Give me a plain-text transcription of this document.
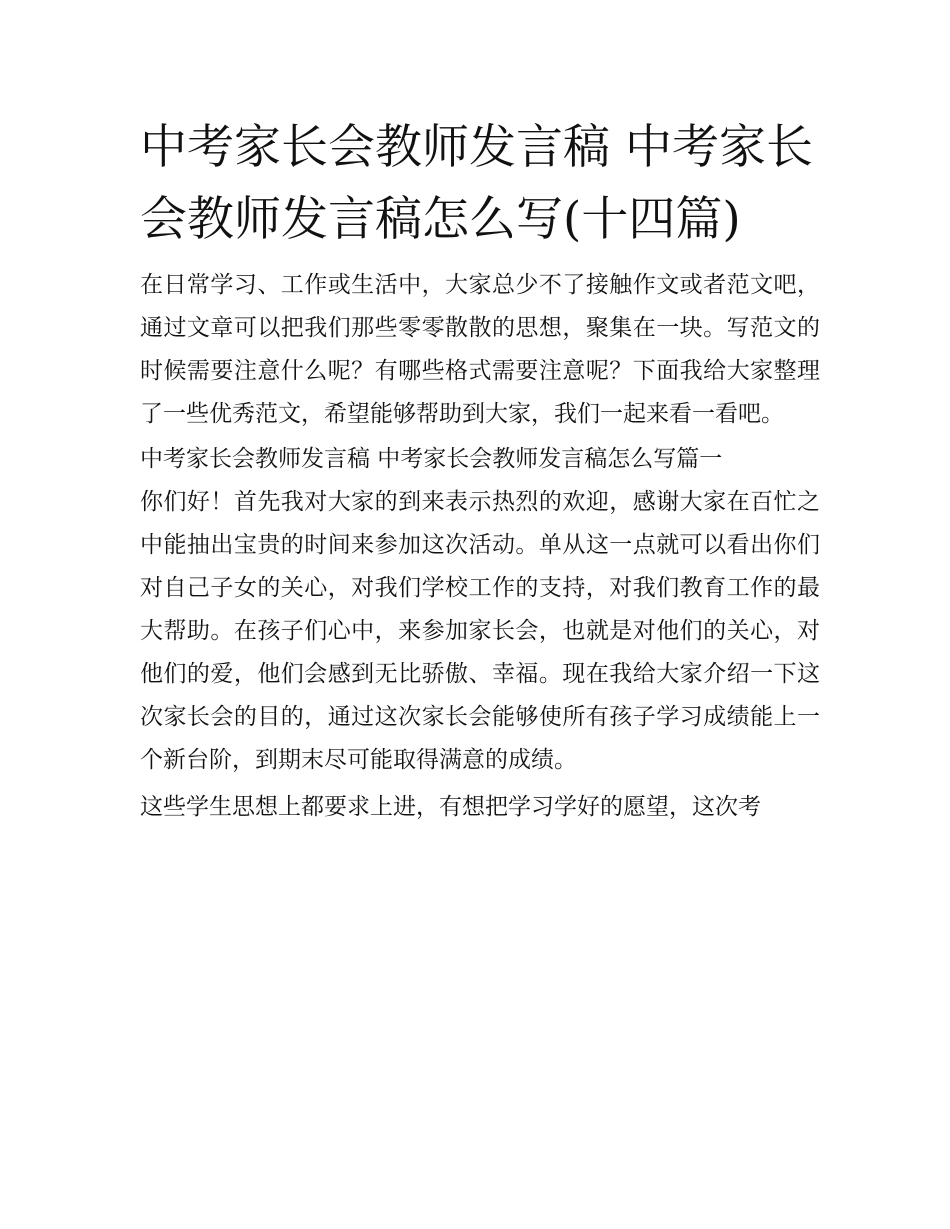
中考家长会教师发言稿 中考家长会教师发言稿怎么写(十四篇)

在日常学习、工作或生活中，大家总少不了接触作文或者范文吧，通过文章可以把我们那些零零散散的思想，聚集在一块。写范文的时候需要注意什么呢？有哪些格式需要注意呢？下面我给大家整理了一些优秀范文，希望能够帮助到大家，我们一起来看一看吧。

中考家长会教师发言稿 中考家长会教师发言稿怎么写篇一

你们好！首先我对大家的到来表示热烈的欢迎，感谢大家在百忙之中能抽出宝贵的时间来参加这次活动。单从这一点就可以看出你们对自己子女的关心，对我们学校工作的支持，对我们教育工作的最大帮助。在孩子们心中，来参加家长会，也就是对他们的关心，对他们的爱，他们会感到无比骄傲、幸福。现在我给大家介绍一下这次家长会的目的，通过这次家长会能够使所有孩子学习成绩能上一个新台阶，到期末尽可能取得满意的成绩。

这些学生思想上都要求上进，有想把学习学好的愿望，这次考
